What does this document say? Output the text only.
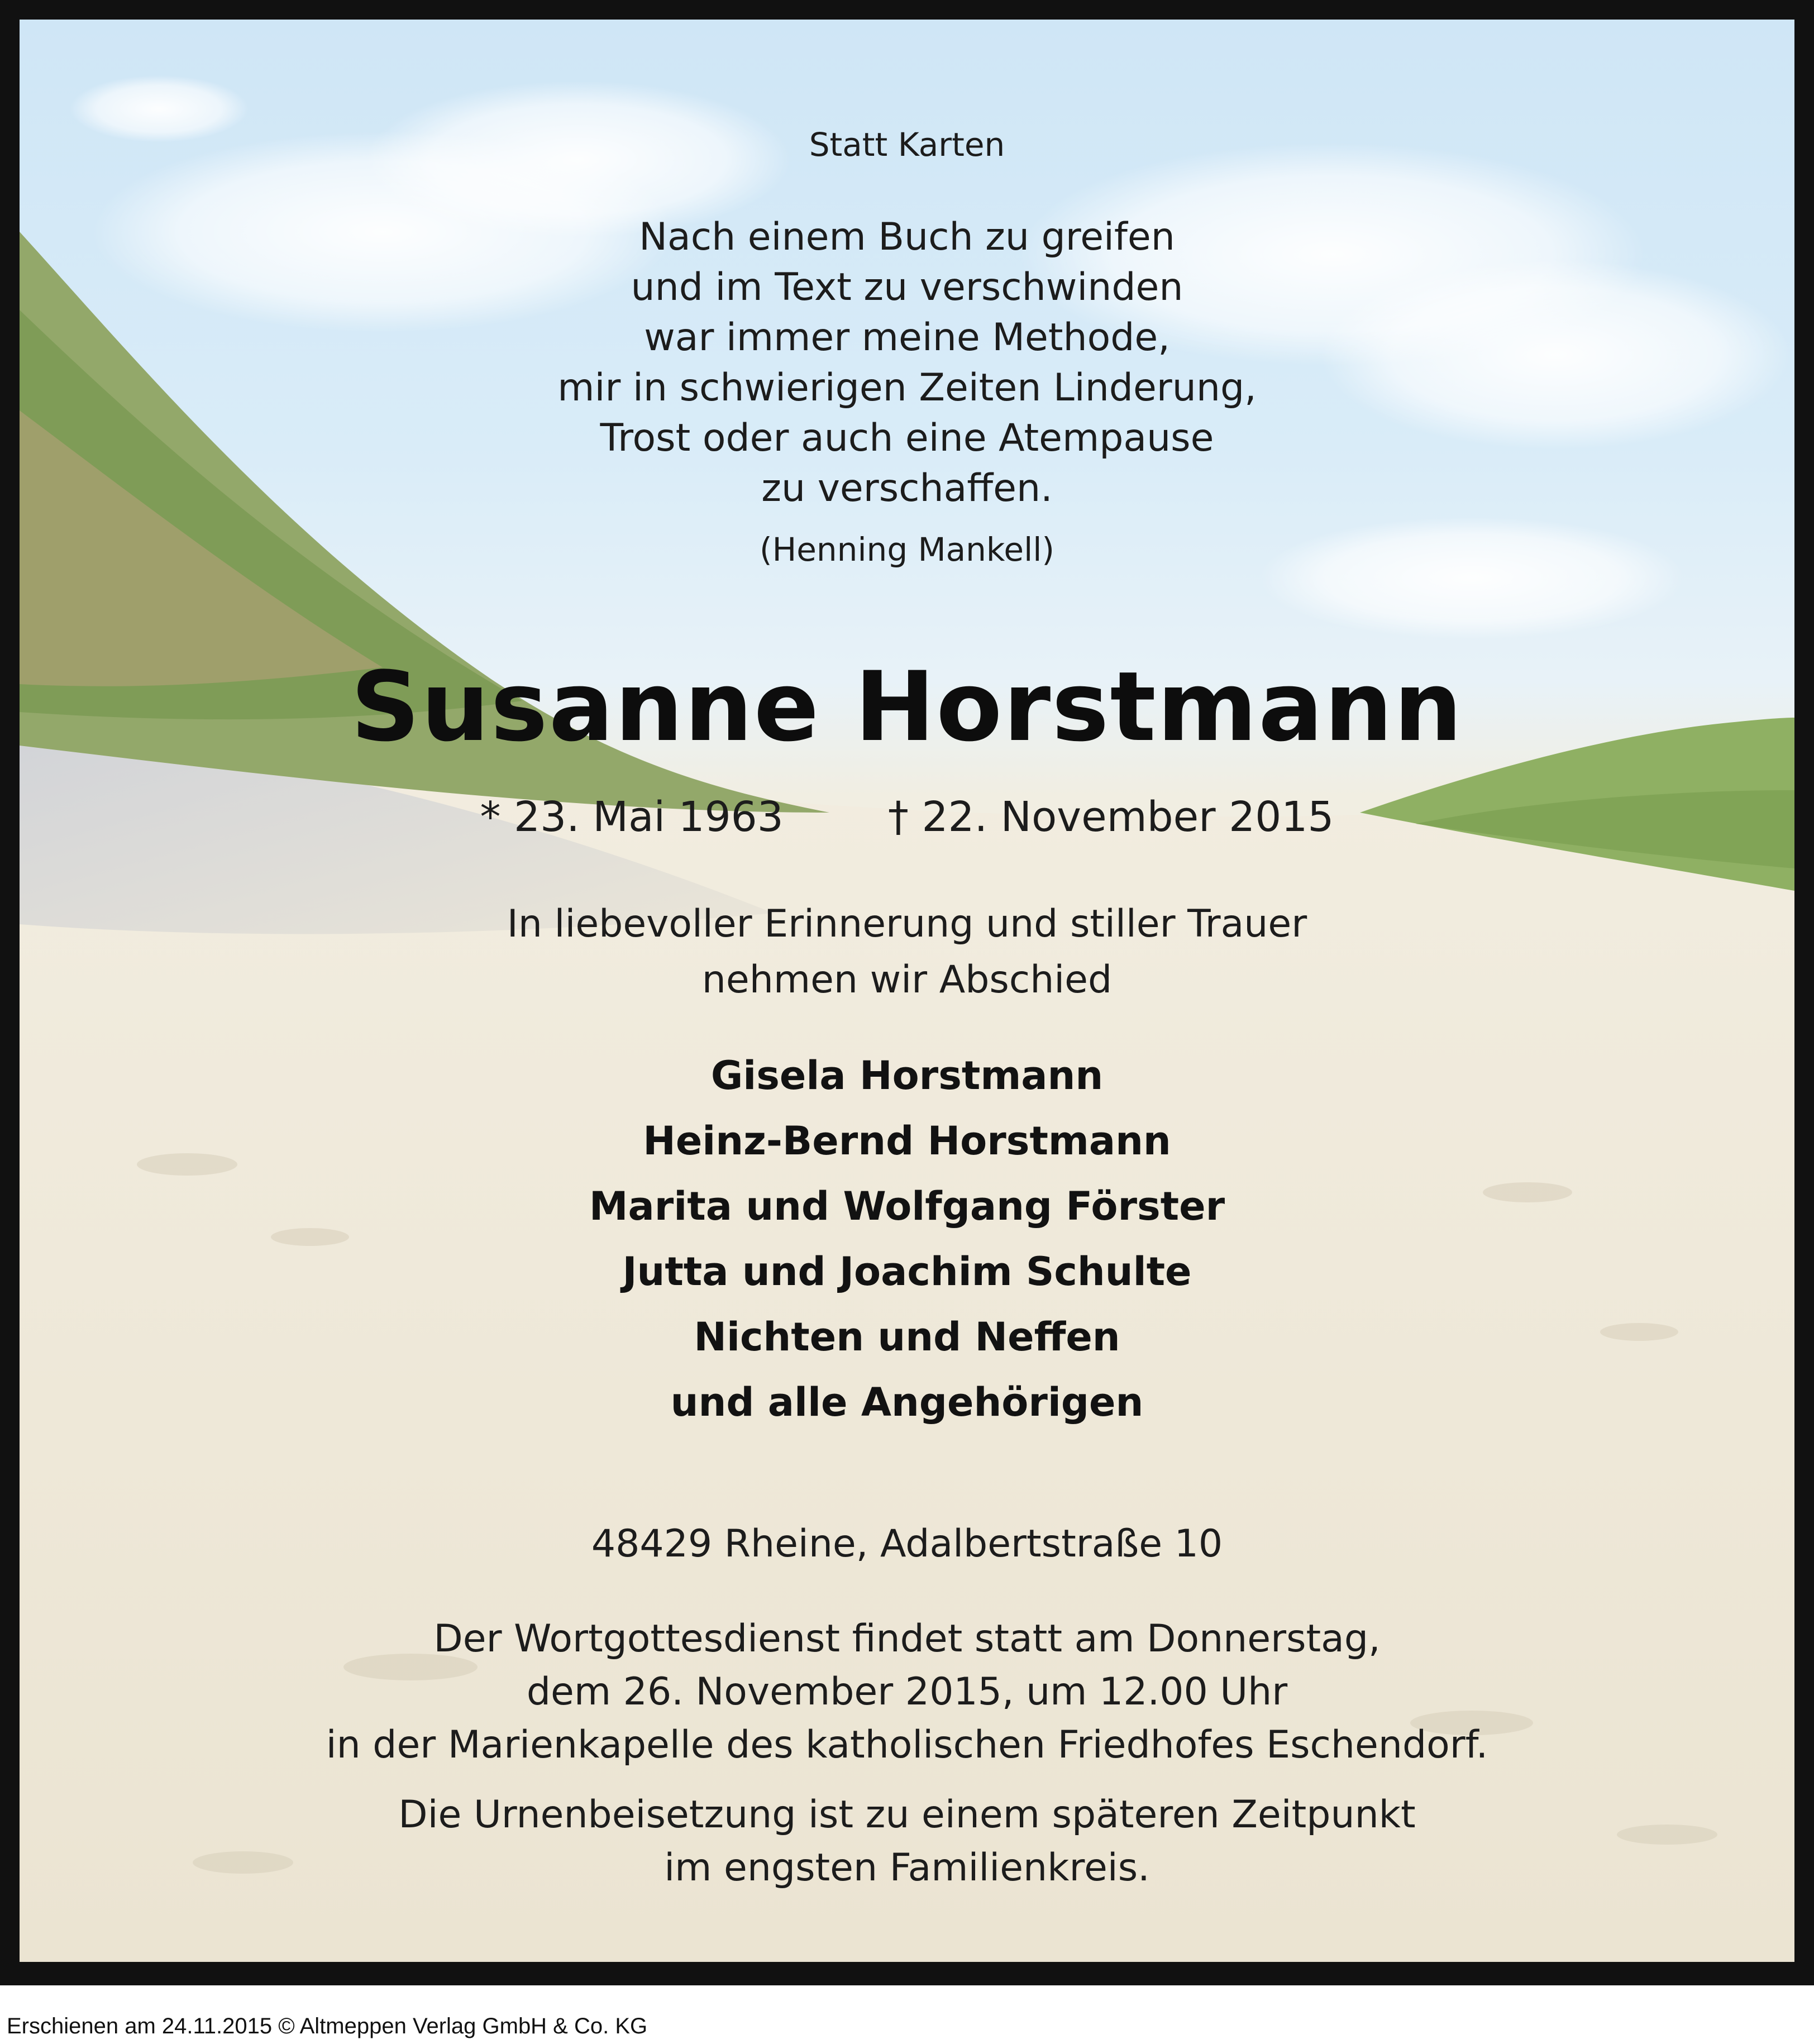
Statt Karten
Nach einem Buch zu greifen
und im Text zu verschwinden
war immer meine Methode,
mir in schwierigen Zeiten Linderung,
Trost oder auch eine Atempause
zu verschaffen.
(Henning Mankell)
Susanne Horstmann
* 23. Mai 1963	† 22. November 2015
In liebevoller Erinnerung und stiller Trauer
nehmen wir Abschied
Gisela Horstmann
Heinz-Bernd Horstmann
Marita und Wolfgang Förster
Jutta und Joachim Schulte
Nichten und Neffen
und alle Angehörigen
48429 Rheine, Adalbertstraße 10
Der Wortgottesdienst findet statt am Donnerstag,
dem 26. November 2015, um 12.00 Uhr
in der Marienkapelle des katholischen Friedhofes Eschendorf.
Die Urnenbeisetzung ist zu einem späteren Zeitpunkt
im engsten Familienkreis.
Erschienen am 24.11.2015 © Altmeppen Verlag GmbH & Co. KG
